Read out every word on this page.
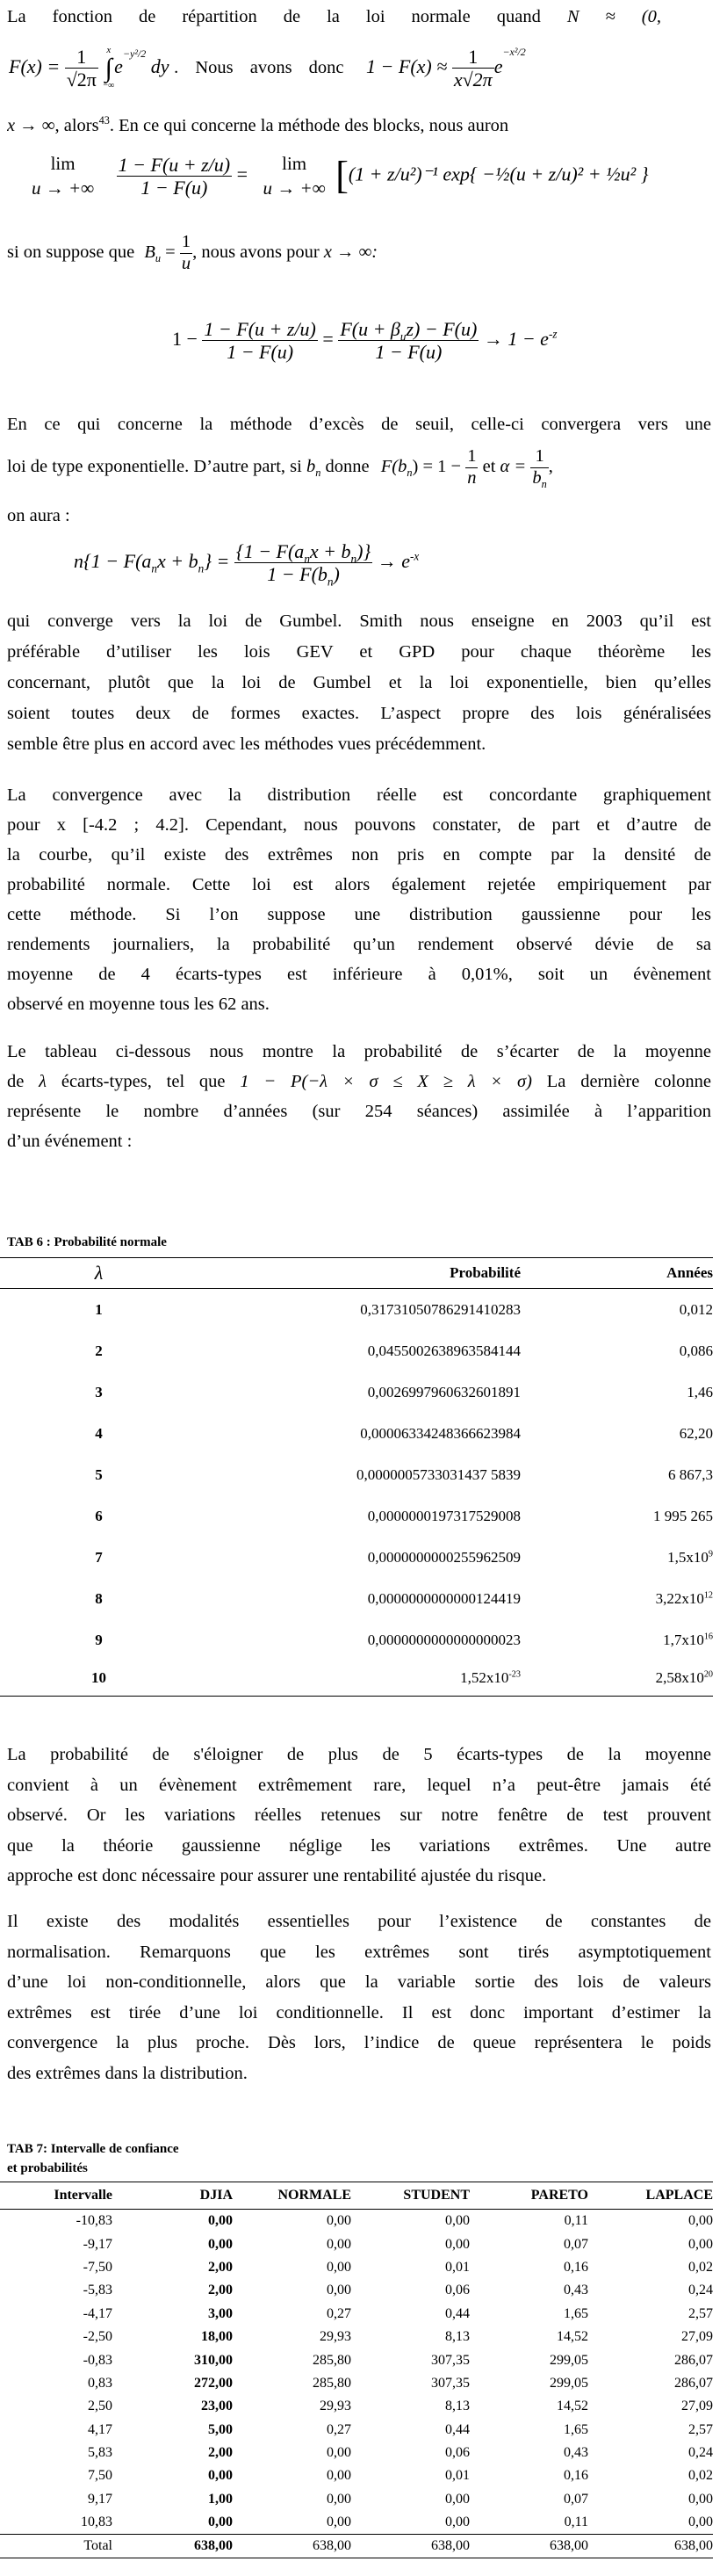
La fonction de répartition de la loi normale quand N ≈ (0,
$F(x) = \frac{1}{√2\pi}$
x
∫
−∞
$e^{-y^2/2}$ dy . Nous avons donc $1 - F(x) \approx \frac{1}{x√2\pi} e^{-x^2/2}$
x → ∞, alors$^{43}$. En ce qui concerne la méthode des blocks, nous auron
lim
u → +∞
$\frac{1 - F(u + z/u)}{1 - F(u)}$ =	lim
u → +∞ [(1 + z/u²)⁻¹ exp{ −½(u + z/u)² + ½u² }
si on suppose que $B_u = \frac{1}{u}$ , nous avons pour x → ∞:
$1 - \frac{1 - F(u + z/u)}{1 - F(u)} = \frac{F(u + \beta_uz) - F(u)}{1 - F(u)} \to 1 - e^{-z}$
En ce qui concerne la méthode d’excès de seuil, celle-ci convergera vers une
loi de type exponentielle. D’autre part, si $b_n$ donne $F(b_n) = 1 - \frac{1}{n}$ et $\alpha = \frac{1}{b_n}$ ,
on aura :
$n\{1 - F(a_nx + b_n\} = \frac{\{1 - F(a_nx + b_n)\}}{1 - F(b_n)} \to e^{-x}$
qui converge vers la loi de Gumbel. Smith nous enseigne en 2003 qu’il est
préférable d’utiliser les lois GEV et GPD pour chaque théorème les
concernant, plutôt que la loi de Gumbel et la loi exponentielle, bien qu’elles
soient toutes deux de formes exactes. L’aspect propre des lois généralisées
semble être plus en accord avec les méthodes vues précédemment.
La convergence avec la distribution réelle est concordante graphiquement
pour x [-4.2 ; 4.2]. Cependant, nous pouvons constater, de part et d’autre de
la courbe, qu’il existe des extrêmes non pris en compte par la densité de
probabilité normale. Cette loi est alors également rejetée empiriquement par
cette méthode. Si l’on suppose une distribution gaussienne pour les
rendements journaliers, la probabilité qu’un rendement observé dévie de sa
moyenne de 4 écarts-types est inférieure à 0,01%, soit un évènement
observé en moyenne tous les 62 ans.
Le tableau ci-dessous nous montre la probabilité de s’écarter de la moyenne
de λ écarts-types, tel que 1 − P(−λ × σ ≤ X ≥ λ × σ) La dernière colonne
représente le nombre d’années (sur 254 séances) assimilée à l’apparition
d’un événement :
TAB 6 : Probabilité normale
λ	Probabilité	Années
1	0,31731050786291410283	0,012
2	0,0455002638963584144	0,086
3	0,0026997960632601891	1,46
4	0,00006334248366623984	62,20
5	0,0000005733031437 5839	6 867,3
6	0,0000000197317529008	1 995 265
7	0,0000000000255962509	$1,5x10^9$
8	0,0000000000000124419	$3,22x10^{12}$
9	0,0000000000000000023	$1,7x10^{16}$
10	$1,52x10^{-23}$	$2,58x10^{20}$
La probabilité de s'éloigner de plus de 5 écarts-types de la moyenne
convient à un évènement extrêmement rare, lequel n’a peut-être jamais été
observé. Or les variations réelles retenues sur notre fenêtre de test prouvent
que la théorie gaussienne néglige les variations extrêmes. Une autre
approche est donc nécessaire pour assurer une rentabilité ajustée du risque.
Il existe des modalités essentielles pour l’existence de constantes de
normalisation. Remarquons que les extrêmes sont tirés asymptotiquement
d’une loi non-conditionnelle, alors que la variable sortie des lois de valeurs
extrêmes est tirée d’une loi conditionnelle. Il est donc important d’estimer la
convergence la plus proche. Dès lors, l’indice de queue représentera le poids
des extrêmes dans la distribution.
TAB 7: Intervalle de confiance
et probabilités
Intervalle	DJIA	NORMALE	STUDENT	PARETO	LAPLACE
-10,83	0,00	0,00	0,00	0,11	0,00
-9,17	0,00	0,00	0,00	0,07	0,00
-7,50	2,00	0,00	0,01	0,16	0,02
-5,83	2,00	0,00	0,06	0,43	0,24
-4,17	3,00	0,27	0,44	1,65	2,57
-2,50	18,00	29,93	8,13	14,52	27,09
-0,83	310,00	285,80	307,35	299,05	286,07
0,83	272,00	285,80	307,35	299,05	286,07
2,50	23,00	29,93	8,13	14,52	27,09
4,17	5,00	0,27	0,44	1,65	2,57
5,83	2,00	0,00	0,06	0,43	0,24
7,50	0,00	0,00	0,01	0,16	0,02
9,17	1,00	0,00	0,00	0,07	0,00
10,83	0,00	0,00	0,00	0,11	0,00
Total	638,00	638,00	638,00	638,00	638,00
